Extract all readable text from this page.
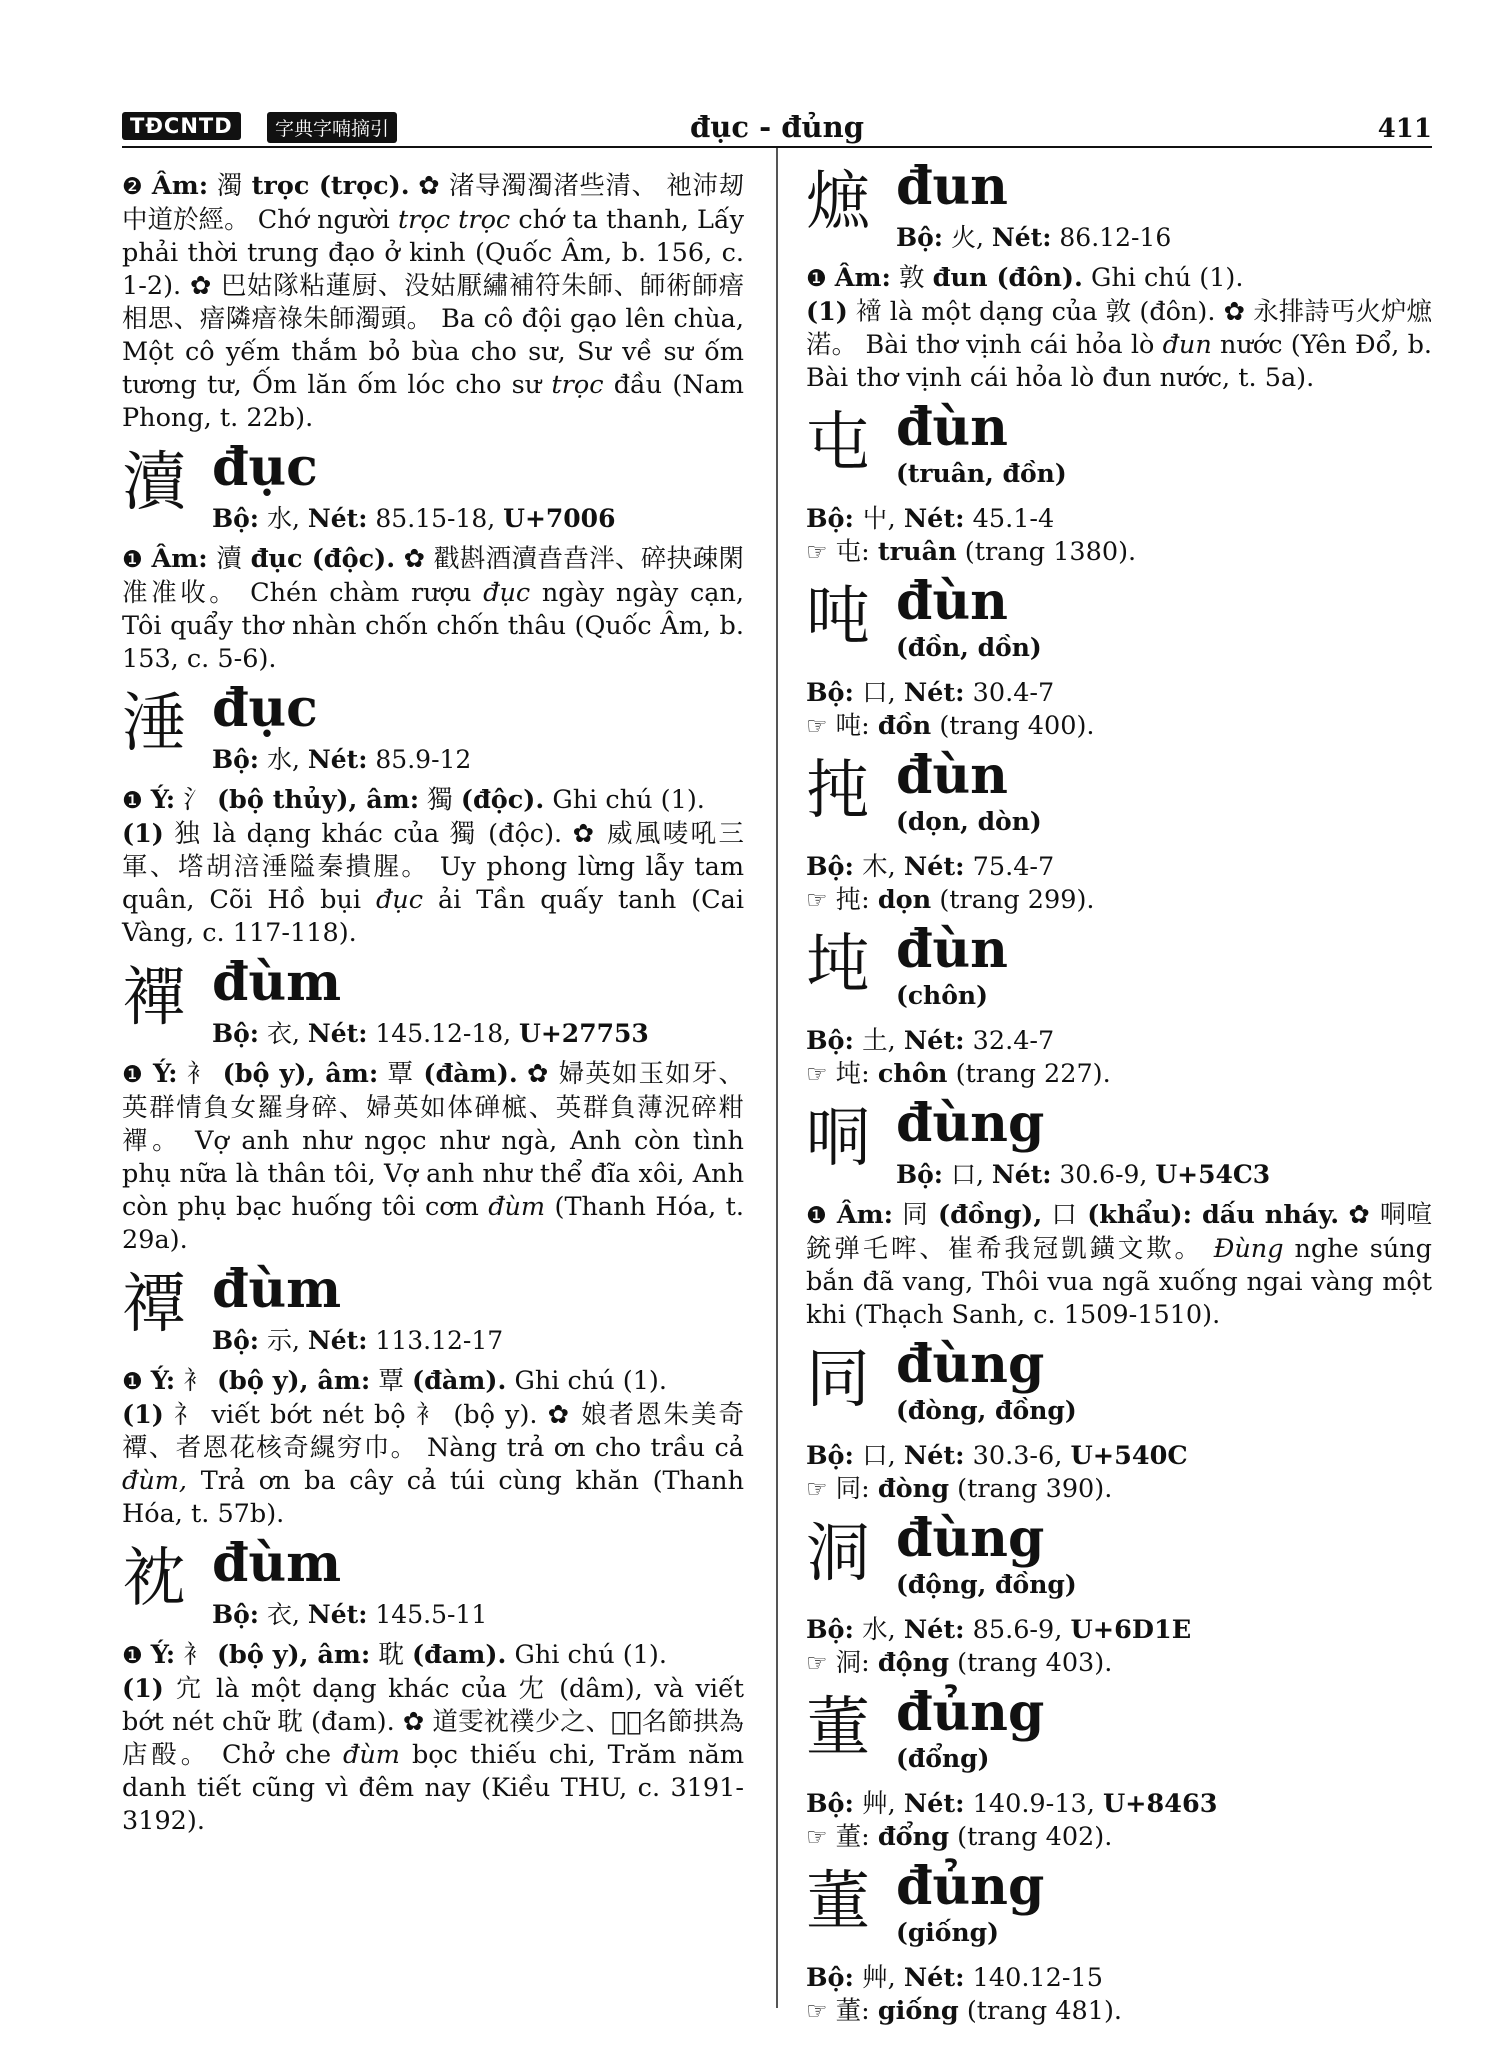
TĐCNTD	字典字喃摘引	đục - đủng	411

❷ Âm: 濁 trọc (trọc). ✿ 渚导濁濁渚些清、 祂沛刼中道於經。 Chớ người trọc trọc chớ ta thanh, Lấy phải thời trung đạo ở kinh (Quốc Âm, b. 156, c. 1-2). ✿ 巴姑隊粘蓮厨、没姑厭繡補符朱師、師術師瘖相思、瘖隣瘖祿朱師濁頭。 Ba cô đội gạo lên chùa, Một cô yếm thắm bỏ bùa cho sư, Sư về sư ốm tương tư, Ốm lăn ốm lóc cho sư trọc đầu (Nam Phong, t. 22b).

瀆 đục
Bộ: 水, Nét: 85.15-18, U+7006

❶ Âm: 瀆 đục (độc). ✿ 戳斟酒瀆㫩㫩泮、碎抉疎閑准准收。 Chén chàm rượu đục ngày ngày cạn, Tôi quẩy thơ nhàn chốn chốn thâu (Quốc Âm, b. 153, c. 5-6).

涶 đục
Bộ: 水, Nét: 85.9-12

❶ Ý: 氵 (bộ thủy), âm: 獨 (độc). Ghi chú (1).

(1) 独 là dạng khác của 獨 (độc). ✿ 威風唛吼三軍、㙮胡涪涶隘秦撌腥。 Uy phong lừng lẫy tam quân, Cõi Hồ bụi đục ải Tần quấy tanh (Cai Vàng, c. 117-118).

襌 đùm
Bộ: 衣, Nét: 145.12-18, U+27753

❶ Ý: 衤 (bộ y), âm: 覃 (đàm). ✿ 婦英如玉如牙、英群情負女羅身碎、婦英如体䃅㭽、英群負薄況碎粓襌。 Vợ anh như ngọc như ngà, Anh còn tình phụ nữa là thân tôi, Vợ anh như thể đĩa xôi, Anh còn phụ bạc huống tôi cơm đùm (Thanh Hóa, t. 29a).

禫 đùm
Bộ: 示, Nét: 113.12-17

❶ Ý: 衤 (bộ y), âm: 覃 (đàm). Ghi chú (1).

(1) 礻 viết bớt nét bộ 衤 (bộ y). ✿ 娘者恩朱美奇禫、者恩花核奇繉穷巾。 Nàng trả ơn cho trầu cả đùm, Trả ơn ba cây cả túi cùng khăn (Thanh Hóa, t. 57b).

衴 đùm
Bộ: 衣, Nét: 145.5-11

❶ Ý: 衤 (bộ y), âm: 耽 (đam). Ghi chú (1).

(1) 宂 là một dạng khác của 冘 (dâm), và viết bớt nét chữ 耽 (đam). ✿ 道雯衴襆少之、𢆥𢃱名節拱為店酘。 Chở che đùm bọc thiếu chi, Trăm năm danh tiết cũng vì đêm nay (Kiều THU, c. 3191-3192).

熫 đun
Bộ: 火, Nét: 86.12-16

❶ Âm: 敦 đun (đôn). Ghi chú (1).

(1) 𧝐 là một dạng của 敦 (đôn). ✿ 永排詩丐火炉熫渃。 Bài thơ vịnh cái hỏa lò đun nước (Yên Đổ, b. Bài thơ vịnh cái hỏa lò đun nước, t. 5a).

屯 đùn
(truân, đồn)

Bộ: 屮, Nét: 45.1-4

☞ 屯: truân (trang 1380).

吨 đùn
(đồn, dồn)

Bộ: 口, Nét: 30.4-7

☞ 吨: đồn (trang 400).

扽 đùn
(dọn, dòn)

Bộ: 木, Nét: 75.4-7

☞ 扽: dọn (trang 299).

坉 đùn
(chôn)

Bộ: 土, Nét: 32.4-7

☞ 坉: chôn (trang 227).

哃 đùng
Bộ: 口, Nét: 30.6-9, U+54C3

❶ Âm: 同 (đồng), 口 (khẩu): dấu nháy. ✿ 哃喧銃弹乇哰、崔希我冠凱鐄文欺。 Đùng nghe súng bắn đã vang, Thôi vua ngã xuống ngai vàng một khi (Thạch Sanh, c. 1509-1510).

同 đùng
(đòng, đồng)

Bộ: 口, Nét: 30.3-6, U+540C

☞ 同: đòng (trang 390).

洞 đùng
(động, đồng)

Bộ: 水, Nét: 85.6-9, U+6D1E

☞ 洞: động (trang 403).

董 đủng
(đổng)

Bộ: 艸, Nét: 140.9-13, U+8463

☞ 董: đổng (trang 402).

董 đủng
(giống)

Bộ: 艸, Nét: 140.12-15

☞ 董: giống (trang 481).
